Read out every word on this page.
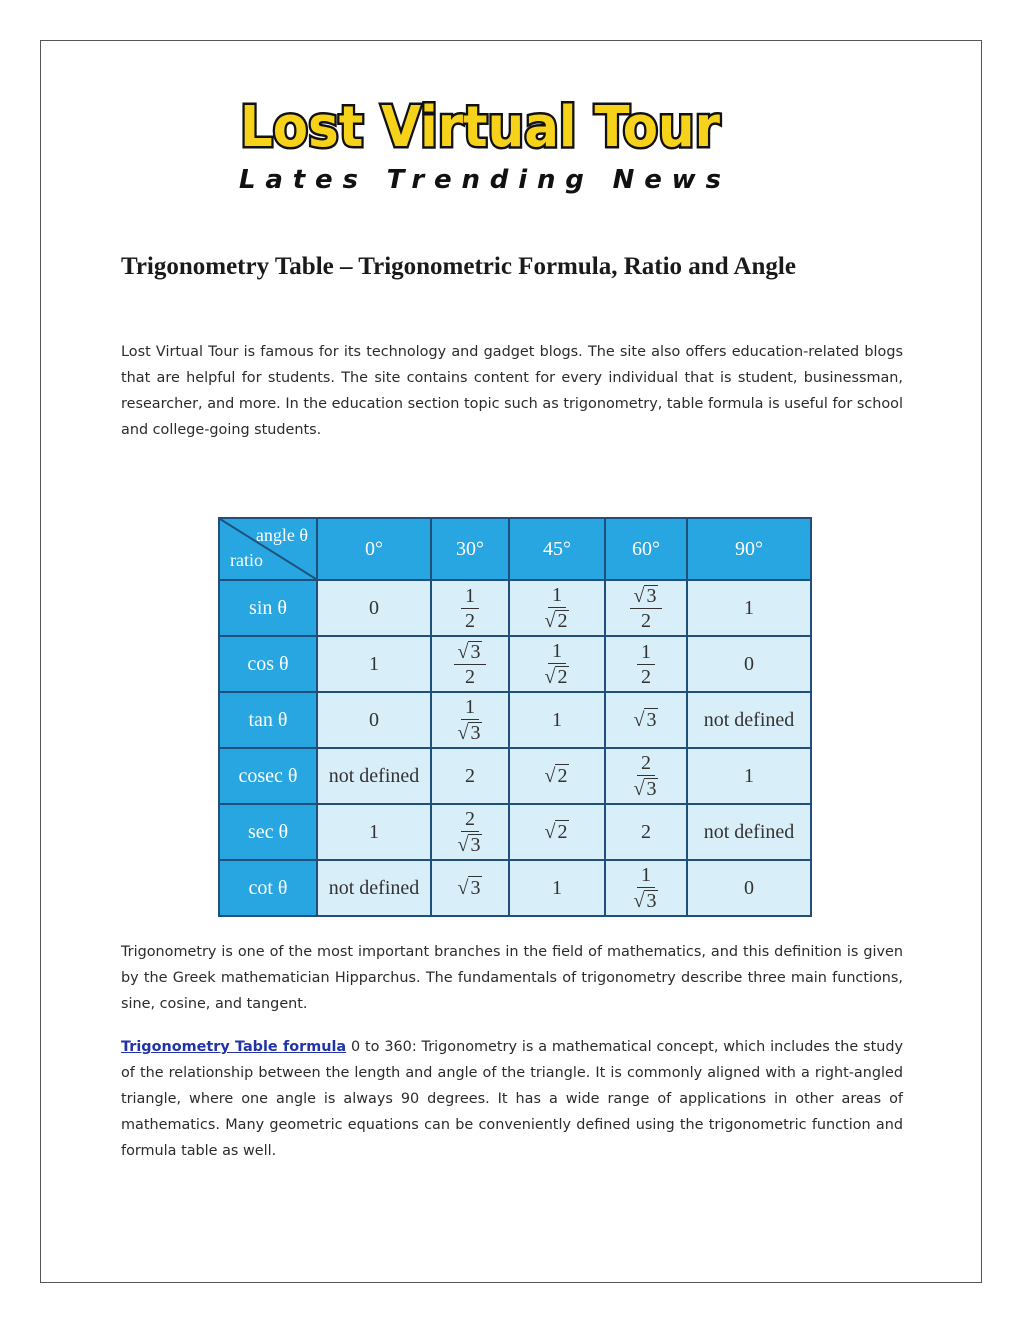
Lost Virtual Tour
Lates Trending News
Trigonometry Table – Trigonometric Formula, Ratio and Angle

Lost Virtual Tour is famous for its technology and gadget blogs. The site also offers education-related blogs that are helpful for students. The site contains content for every individual that is student, businessman, researcher, and more. In the education section topic such as trigonometry, table formula is useful for school and college-going students.

angle θ
ratio	0°	30°	45°	60°	90°
sin θ	0	$\frac{1}{2}$	$\frac{1}{√ 2}$	$\frac{√ 3}{2}$	1
cos θ	1	$\frac{√ 3}{2}$	$\frac{1}{√ 2}$	$\frac{1}{2}$	0
tan θ	0	$\frac{1}{√ 3}$	1	√ 3	not defined
cosec θ	not defined	2	√ 2	$\frac{2}{√ 3}$	1
sec θ	1	$\frac{2}{√ 3}$	√ 2	2	not defined
cot θ	not defined	√ 3	1	$\frac{1}{√ 3}$	0

Trigonometry is one of the most important branches in the field of mathematics, and this definition is given by the Greek mathematician Hipparchus. The fundamentals of trigonometry describe three main functions, sine, cosine, and tangent.

Trigonometry Table formula 0 to 360: Trigonometry is a mathematical concept, which includes the study of the relationship between the length and angle of the triangle. It is commonly aligned with a right-angled triangle, where one angle is always 90 degrees. It has a wide range of applications in other areas of mathematics. Many geometric equations can be conveniently defined using the trigonometric function and formula table as well.
